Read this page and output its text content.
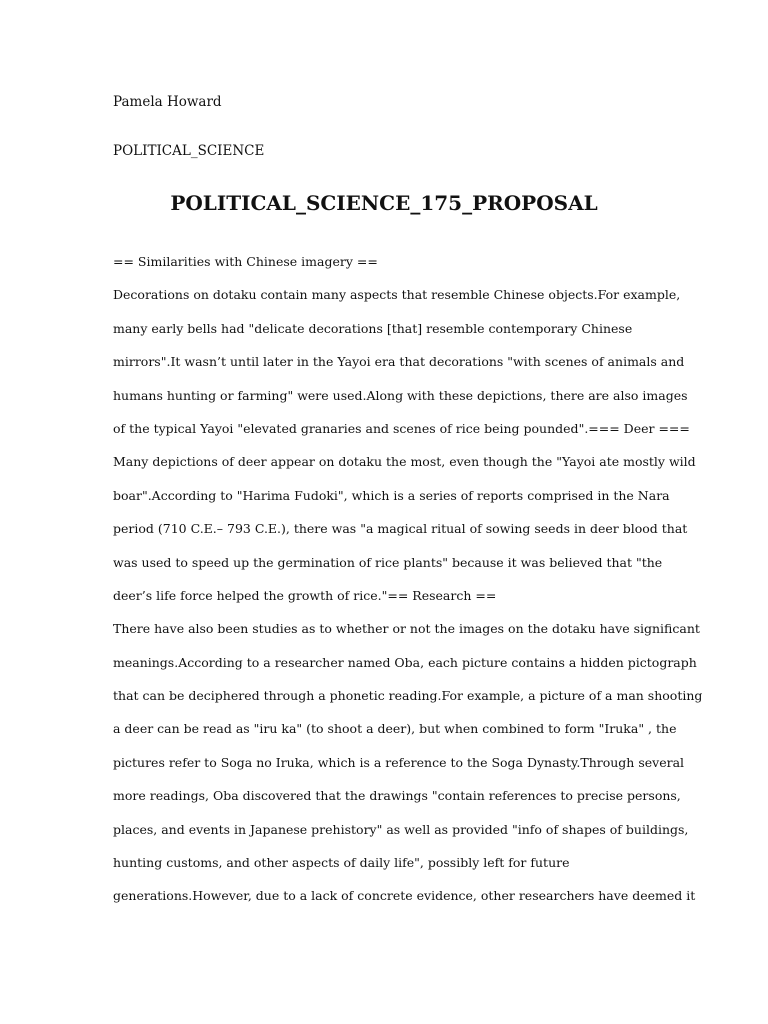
Pamela Howard
POLITICAL_SCIENCE
POLITICAL_SCIENCE_175_PROPOSAL
== Similarities with Chinese imagery ==
Decorations on dotaku contain many aspects that resemble Chinese objects.For example,
many early bells had "delicate decorations [that] resemble contemporary Chinese
mirrors".It wasn’t until later in the Yayoi era that decorations "with scenes of animals and
humans hunting or farming" were used.Along with these depictions, there are also images
of the typical Yayoi "elevated granaries and scenes of rice being pounded".=== Deer ===
Many depictions of deer appear on dotaku the most, even though the "Yayoi ate mostly wild
boar".According to "Harima Fudoki", which is a series of reports comprised in the Nara
period (710 C.E.– 793 C.E.), there was "a magical ritual of sowing seeds in deer blood that
was used to speed up the germination of rice plants" because it was believed that "the
deer’s life force helped the growth of rice."== Research ==
There have also been studies as to whether or not the images on the dotaku have significant
meanings.According to a researcher named Oba, each picture contains a hidden pictograph
that can be deciphered through a phonetic reading.For example, a picture of a man shooting
a deer can be read as "iru ka" (to shoot a deer), but when combined to form "Iruka" , the
pictures refer to Soga no Iruka, which is a reference to the Soga Dynasty.Through several
more readings, Oba discovered that the drawings "contain references to precise persons,
places, and events in Japanese prehistory" as well as provided "info of shapes of buildings,
hunting customs, and other aspects of daily life", possibly left for future
generations.However, due to a lack of concrete evidence, other researchers have deemed it
